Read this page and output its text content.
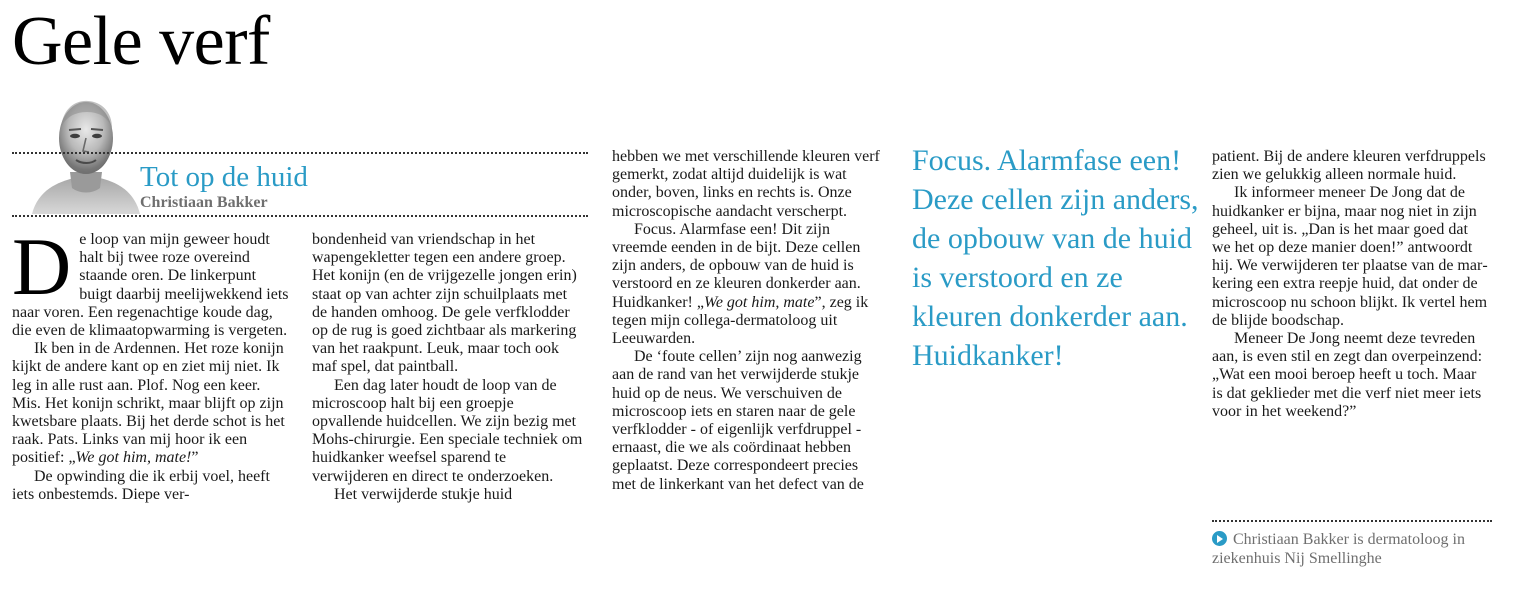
Gele verf
Tot op de huid
Christiaan Bakker

De loop van mijn geweer houdt halt bij twee roze overeind staande oren. De linkerpunt buigt daarbij meelijwekkend iets naar voren. Een regenachtige koude dag, die even de klimaatopwarming is vergeten.

Ik ben in de Ardennen. Het roze konijn kijkt de andere kant op en ziet mij niet. Ik leg in alle rust aan. Plof. Nog een keer. Mis. Het konijn schrikt, maar blijft op zijn kwetsbare plaats. Bij het derde schot is het raak. Pats. Links van mij hoor ik een positief: „We got him, mate!”

De opwinding die ik erbij voel, heeft iets onbestemds. Diepe ver-

bondenheid van vriendschap in het wapengekletter tegen een andere groep. Het konijn (en de vrijgezelle jongen erin) staat op van achter zijn schuilplaats met de handen omhoog. De gele verfklodder op de rug is goed zichtbaar als markering van het raakpunt. Leuk, maar toch ook maf spel, dat paintball.

Een dag later houdt de loop van de microscoop halt bij een groepje opvallende huidcellen. We zijn bezig met Mohs-chirurgie. Een speciale techniek om huidkanker weefsel sparend te verwijderen en direct te onderzoeken.

Het verwijderde stukje huid

hebben we met verschillende kleuren verf gemerkt, zodat altijd duidelijk is wat onder, boven, links en rechts is. Onze microscopische aandacht verscherpt.

Focus. Alarmfase een! Dit zijn vreemde eenden in de bijt. Deze cellen zijn anders, de opbouw van de huid is verstoord en ze kleuren donkerder aan. Huidkanker! „We got him, mate”, zeg ik tegen mijn collega-dermatoloog uit Leeuwarden.

De ‘foute cellen’ zijn nog aanwezig aan de rand van het verwijderde stukje huid op de neus. We verschuiven de microscoop iets en staren naar de gele verfklodder - of eigenlijk verfdruppel - ernaast, die we als coördinaat hebben geplaatst. Deze correspondeert precies met de linkerkant van het defect van de

Focus. Alarmfase een! Deze cellen zijn anders, de opbouw van de huid is verstoord en ze kleuren donkerder aan. Huidkanker!

patient. Bij de andere kleuren verfdruppels zien we gelukkig alleen normale huid.

Ik informeer meneer De Jong dat de huidkanker er bijna, maar nog niet in zijn geheel, uit is. „Dan is het maar goed dat we het op deze manier doen!” antwoordt hij. We verwijderen ter plaatse van de markering een extra reepje huid, dat onder de microscoop nu schoon blijkt. Ik vertel hem de blijde boodschap.

Meneer De Jong neemt deze tevreden aan, is even stil en zegt dan overpeinzend: „Wat een mooi beroep heeft u toch. Maar is dat geklieder met die verf niet meer iets voor in het weekend?”

Christiaan Bakker is dermatoloog in ziekenhuis Nij Smellinghe
